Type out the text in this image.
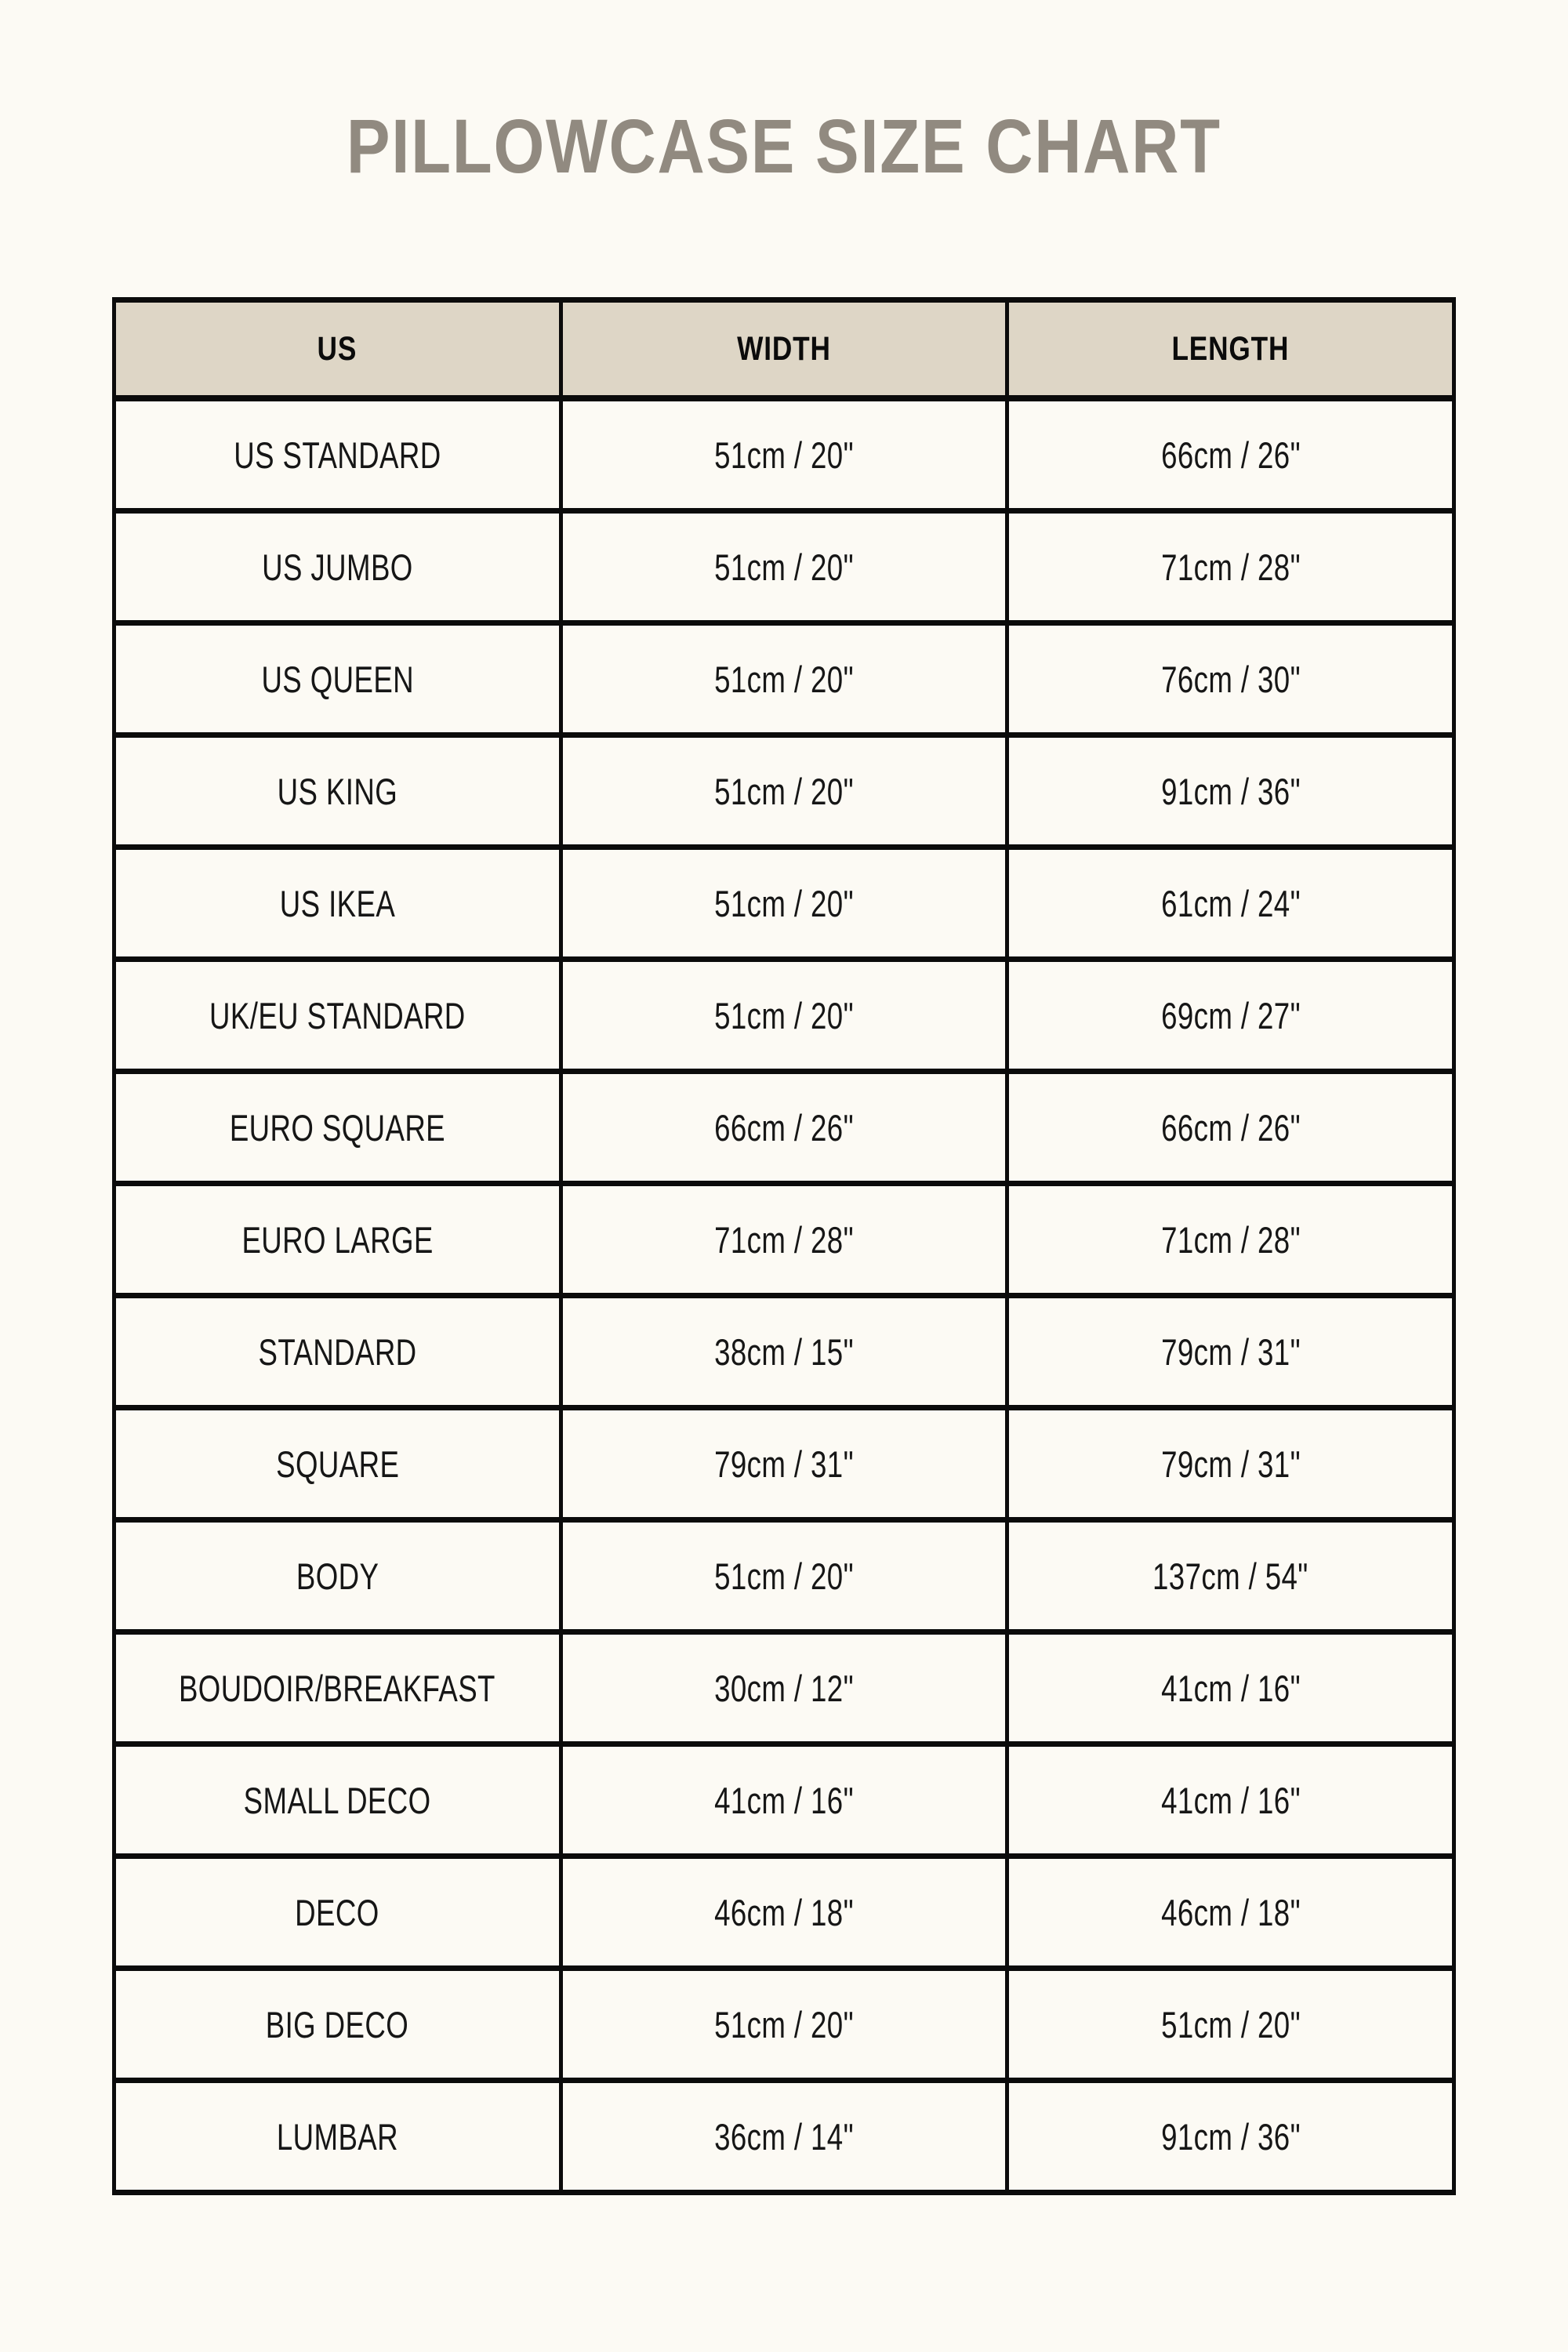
PILLOWCASE SIZE CHART
US	WIDTH	LENGTH
US STANDARD	51cm / 20"	66cm / 26"
US JUMBO	51cm / 20"	71cm / 28"
US QUEEN	51cm / 20"	76cm / 30"
US KING	51cm / 20"	91cm / 36"
US IKEA	51cm / 20"	61cm / 24"
UK/EU STANDARD	51cm / 20"	69cm / 27"
EURO SQUARE	66cm / 26"	66cm / 26"
EURO LARGE	71cm / 28"	71cm / 28"
STANDARD	38cm / 15"	79cm / 31"
SQUARE	79cm / 31"	79cm / 31"
BODY	51cm / 20"	137cm / 54"
BOUDOIR/BREAKFAST	30cm / 12"	41cm / 16"
SMALL DECO	41cm / 16"	41cm / 16"
DECO	46cm / 18"	46cm / 18"
BIG DECO	51cm / 20"	51cm / 20"
LUMBAR	36cm / 14"	91cm / 36"
